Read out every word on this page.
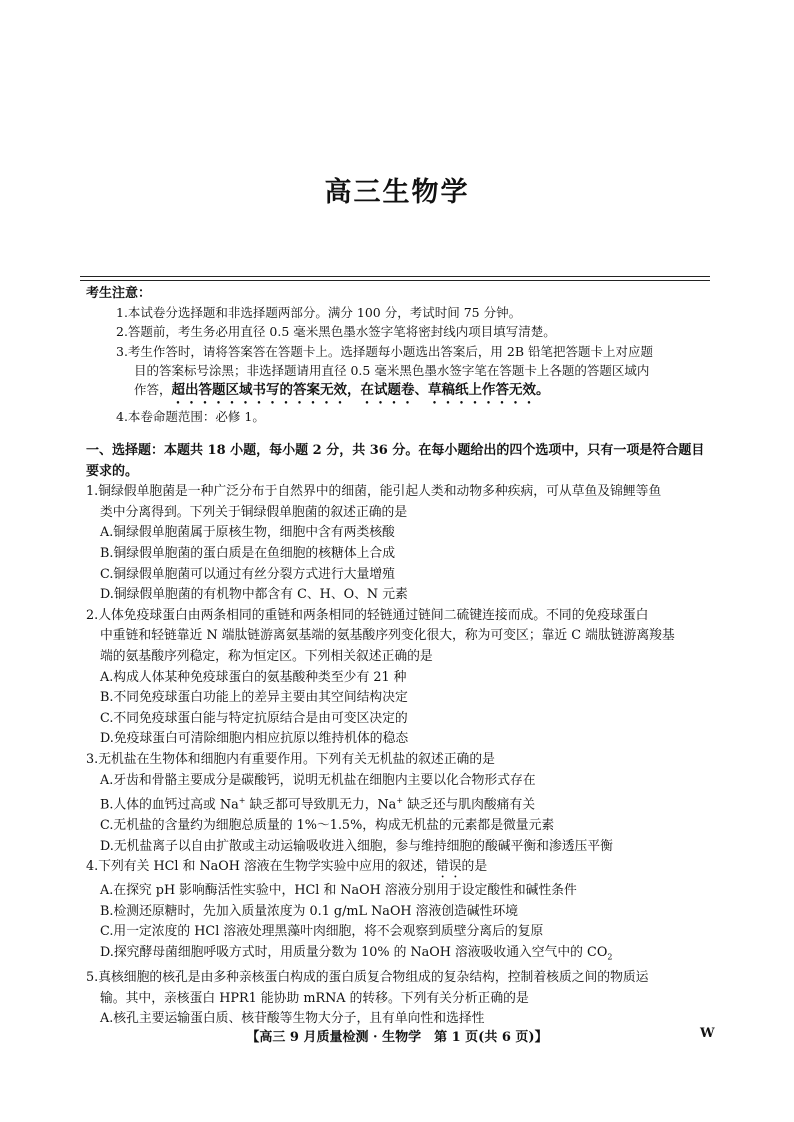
高三生物学
考生注意：
1.本试卷分选择题和非选择题两部分。满分 100 分，考试时间 75 分钟。
2.答题前，考生务必用直径 0.5 毫米黑色墨水签字笔将密封线内项目填写清楚。
3.考生作答时，请将答案答在答题卡上。选择题每小题选出答案后，用 2B 铅笔把答题卡上对应题
目的答案标号涂黑；非选择题请用直径 0.5 毫米黑色墨水签字笔在答题卡上各题的答题区域内
作答，超出答题区域书写的答案无效，在试题卷、草稿纸上作答无效。
4.本卷命题范围：必修 1。
一、选择题：本题共 18 小题，每小题 2 分，共 36 分。在每小题给出的四个选项中，只有一项是符合题目要求的。
1.铜绿假单胞菌是一种广泛分布于自然界中的细菌，能引起人类和动物多种疾病，可从草鱼及锦鲤等鱼
类中分离得到。下列关于铜绿假单胞菌的叙述正确的是
A.铜绿假单胞菌属于原核生物，细胞中含有两类核酸
B.铜绿假单胞菌的蛋白质是在鱼细胞的核糖体上合成
C.铜绿假单胞菌可以通过有丝分裂方式进行大量增殖
D.铜绿假单胞菌的有机物中都含有 C、H、O、N 元素
2.人体免疫球蛋白由两条相同的重链和两条相同的轻链通过链间二硫键连接而成。不同的免疫球蛋白
中重链和轻链靠近 N 端肽链游离氨基端的氨基酸序列变化很大，称为可变区；靠近 C 端肽链游离羧基
端的氨基酸序列稳定，称为恒定区。下列相关叙述正确的是
A.构成人体某种免疫球蛋白的氨基酸种类至少有 21 种
B.不同免疫球蛋白功能上的差异主要由其空间结构决定
C.不同免疫球蛋白能与特定抗原结合是由可变区决定的
D.免疫球蛋白可清除细胞内相应抗原以维持机体的稳态
3.无机盐在生物体和细胞内有重要作用。下列有关无机盐的叙述正确的是
A.牙齿和骨骼主要成分是碳酸钙，说明无机盐在细胞内主要以化合物形式存在
B.人体的血钙过高或 Na+ 缺乏都可导致肌无力，Na+ 缺乏还与肌肉酸痛有关
C.无机盐的含量约为细胞总质量的 1%～1.5%，构成无机盐的元素都是微量元素
D.无机盐离子以自由扩散或主动运输吸收进入细胞，参与维持细胞的酸碱平衡和渗透压平衡
4.下列有关 HCl 和 NaOH 溶液在生物学实验中应用的叙述，错误的是
A.在探究 pH 影响酶活性实验中，HCl 和 NaOH 溶液分别用于设定酸性和碱性条件
B.检测还原糖时，先加入质量浓度为 0.1 g/mL NaOH 溶液创造碱性环境
C.用一定浓度的 HCl 溶液处理黑藻叶肉细胞，将不会观察到质壁分离后的复原
D.探究酵母菌细胞呼吸方式时，用质量分数为 10% 的 NaOH 溶液吸收通入空气中的 $CO_2$
5.真核细胞的核孔是由多种亲核蛋白构成的蛋白质复合物组成的复杂结构，控制着核质之间的物质运
输。其中，亲核蛋白 HPR1 能协助 mRNA 的转移。下列有关分析正确的是
A.核孔主要运输蛋白质、核苷酸等生物大分子，且有单向性和选择性
【高三 9 月质量检测 · 生物学　第 1 页(共 6 页)】	W
